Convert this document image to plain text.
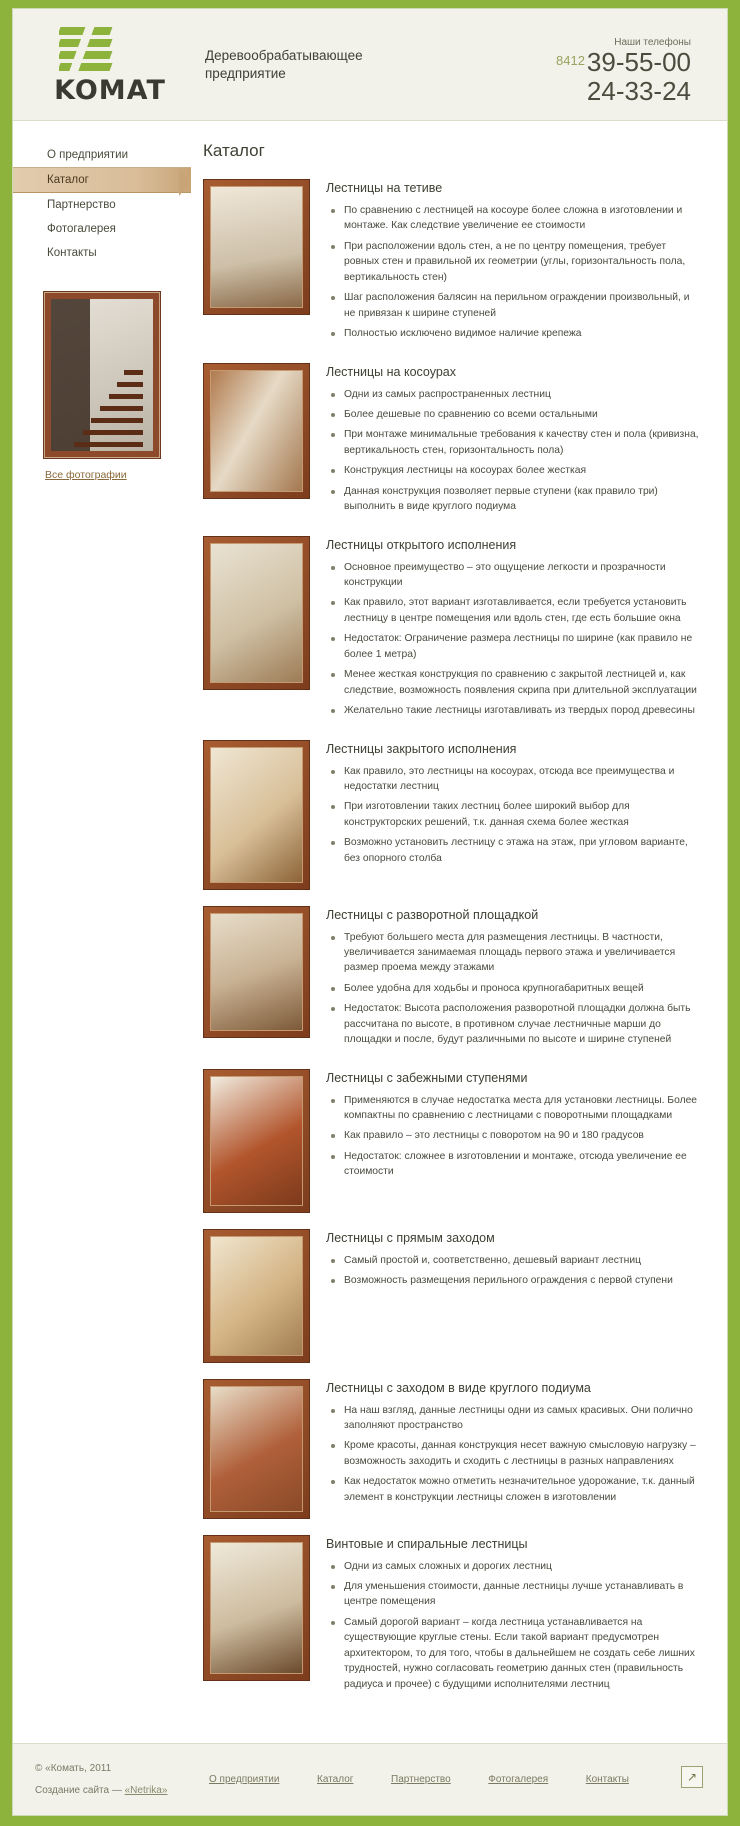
KOMAT
Деревообрабатывающее предприятие
Наши телефоны
$^{8412}$39-55-00
24-33-24
О предприятии
Каталог
Партнерство
Фотогалерея
Контакты
Все фотографии
Каталог
Лестницы на тетиве
По сравнению с лестницей на косоуре более сложна в изготовлении и монтаже. Как следствие увеличение ее стоимости
При расположении вдоль стен, а не по центру помещения, требует ровных стен и правильной их геометрии (углы, горизонтальность пола, вертикальность стен)
Шаг расположения балясин на перильном ограждении произвольный, и не привязан к ширине ступеней
Полностью исключено видимое наличие крепежа
Лестницы на косоурах
Одни из самых распространенных лестниц
Более дешевые по сравнению со всеми остальными
При монтаже минимальные требования к качеству стен и пола (кривизна, вертикальность стен, горизонтальность пола)
Конструкция лестницы на косоурах более жесткая
Данная конструкция позволяет первые ступени (как правило три) выполнить в виде круглого подиума
Лестницы открытого исполнения
Основное преимущество – это ощущение легкости и прозрачности конструкции
Как правило, этот вариант изготавливается, если требуется установить лестницу в центре помещения или вдоль стен, где есть большие окна
Недостаток: Ограничение размера лестницы по ширине (как правило не более 1 метра)
Менее жесткая конструкция по сравнению с закрытой лестницей и, как следствие, возможность появления скрипа при длительной эксплуатации
Желательно такие лестницы изготавливать из твердых пород древесины
Лестницы закрытого исполнения
Как правило, это лестницы на косоурах, отсюда все преимущества и недостатки лестниц
При изготовлении таких лестниц более широкий выбор для конструкторских решений, т.к. данная схема более жесткая
Возможно установить лестницу с этажа на этаж, при угловом варианте, без опорного столба
Лестницы с разворотной площадкой
Требуют большего места для размещения лестницы. В частности, увеличивается занимаемая площадь первого этажа и увеличивается размер проема между этажами
Более удобна для ходьбы и проноса крупногабаритных вещей
Недостаток: Высота расположения разворотной площадки должна быть рассчитана по высоте, в противном случае лестничные марши до площадки и после, будут различными по высоте и ширине ступеней
Лестницы с забежными ступенями
Применяются в случае недостатка места для установки лестницы. Более компактны по сравнению с лестницами с поворотными площадками
Как правило – это лестницы с поворотом на 90 и 180 градусов
Недостаток: сложнее в изготовлении и монтаже, отсюда увеличение ее стоимости
Лестницы с прямым заходом
Самый простой и, соответственно, дешевый вариант лестниц
Возможность размещения перильного ограждения с первой ступени
Лестницы с заходом в виде круглого подиума
На наш взгляд, данные лестницы одни из самых красивых. Они полично заполняют пространство
Кроме красоты, данная конструкция несет важную смысловую нагрузку – возможность заходить и сходить с лестницы в разных направлениях
Как недостаток можно отметить незначительное удорожание, т.к. данный элемент в конструкции лестницы сложен в изготовлении
Винтовые и спиральные лестницы
Одни из самых сложных и дорогих лестниц
Для уменьшения стоимости, данные лестницы лучше устанавливать в центре помещения
Самый дорогой вариант – когда лестница устанавливается на существующие круглые стены. Если такой вариант предусмотрен архитектором, то для того, чтобы в дальнейшем не создать себе лишних трудностей, нужно согласовать геометрию данных стен (правильность радиуса и прочее) с будущими исполнителями лестниц
© «Комать, 2011
Создание сайта — «Netrika»
О предприятии	Каталог	Партнерство	Фотогалерея	Контакты	↗
